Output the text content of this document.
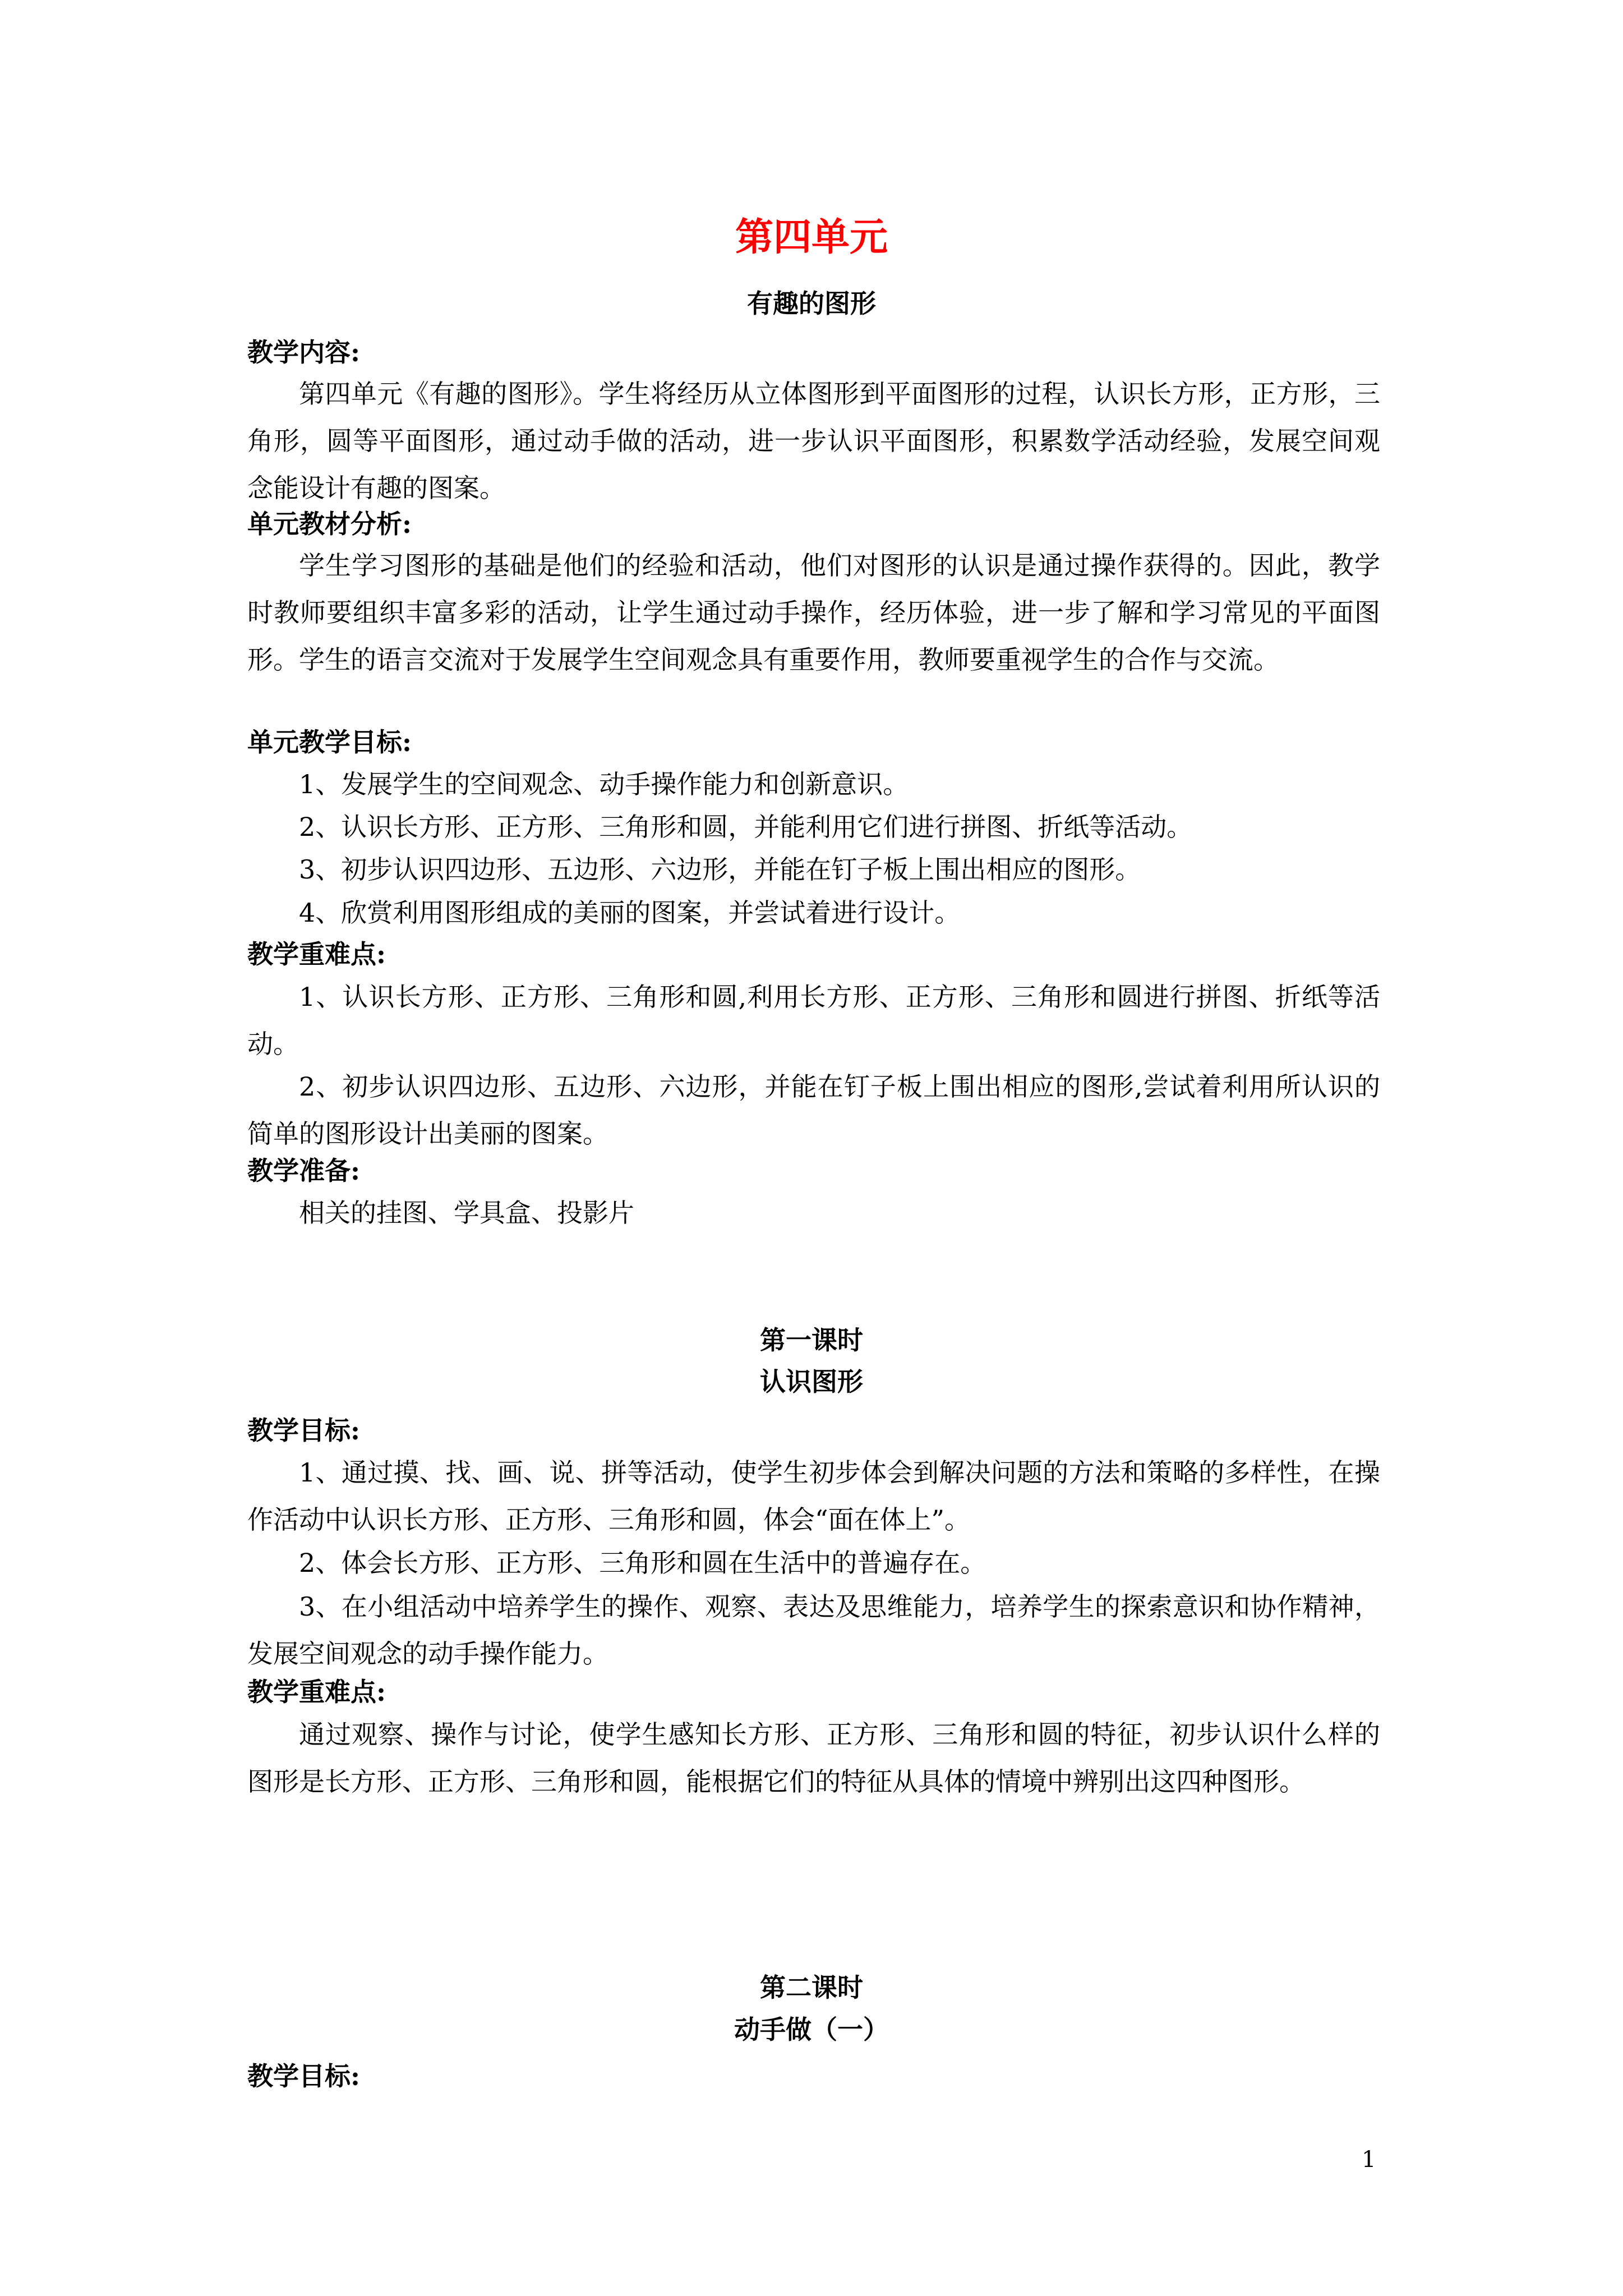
第四单元
有趣的图形
教学内容:
第四单元《有趣的图形》。学生将经历从立体图形到平面图形的过程，认识长方形，正方形，三角形，圆等平面图形，通过动手做的活动，进一步认识平面图形，积累数学活动经验，发展空间观念能设计有趣的图案。
单元教材分析:
学生学习图形的基础是他们的经验和活动，他们对图形的认识是通过操作获得的。因此，教学时教师要组织丰富多彩的活动，让学生通过动手操作，经历体验，进一步了解和学习常见的平面图形。学生的语言交流对于发展学生空间观念具有重要作用，教师要重视学生的合作与交流。
单元教学目标:
1、发展学生的空间观念、动手操作能力和创新意识。
2、认识长方形、正方形、三角形和圆，并能利用它们进行拼图、折纸等活动。
3、初步认识四边形、五边形、六边形，并能在钉子板上围出相应的图形。
4、欣赏利用图形组成的美丽的图案，并尝试着进行设计。
教学重难点:
1、认识长方形、正方形、三角形和圆,利用长方形、正方形、三角形和圆进行拼图、折纸等活动。
2、初步认识四边形、五边形、六边形，并能在钉子板上围出相应的图形,尝试着利用所认识的简单的图形设计出美丽的图案。
教学准备:
相关的挂图、学具盒、投影片
第一课时
认识图形
教学目标:
1、通过摸、找、画、说、拼等活动，使学生初步体会到解决问题的方法和策略的多样性，在操作活动中认识长方形、正方形、三角形和圆，体会“面在体上”。
2、体会长方形、正方形、三角形和圆在生活中的普遍存在。
3、在小组活动中培养学生的操作、观察、表达及思维能力，培养学生的探索意识和协作精神，发展空间观念的动手操作能力。
教学重难点:
通过观察、操作与讨论，使学生感知长方形、正方形、三角形和圆的特征，初步认识什么样的图形是长方形、正方形、三角形和圆，能根据它们的特征从具体的情境中辨别出这四种图形。
第二课时
动手做（一）
教学目标:
1
